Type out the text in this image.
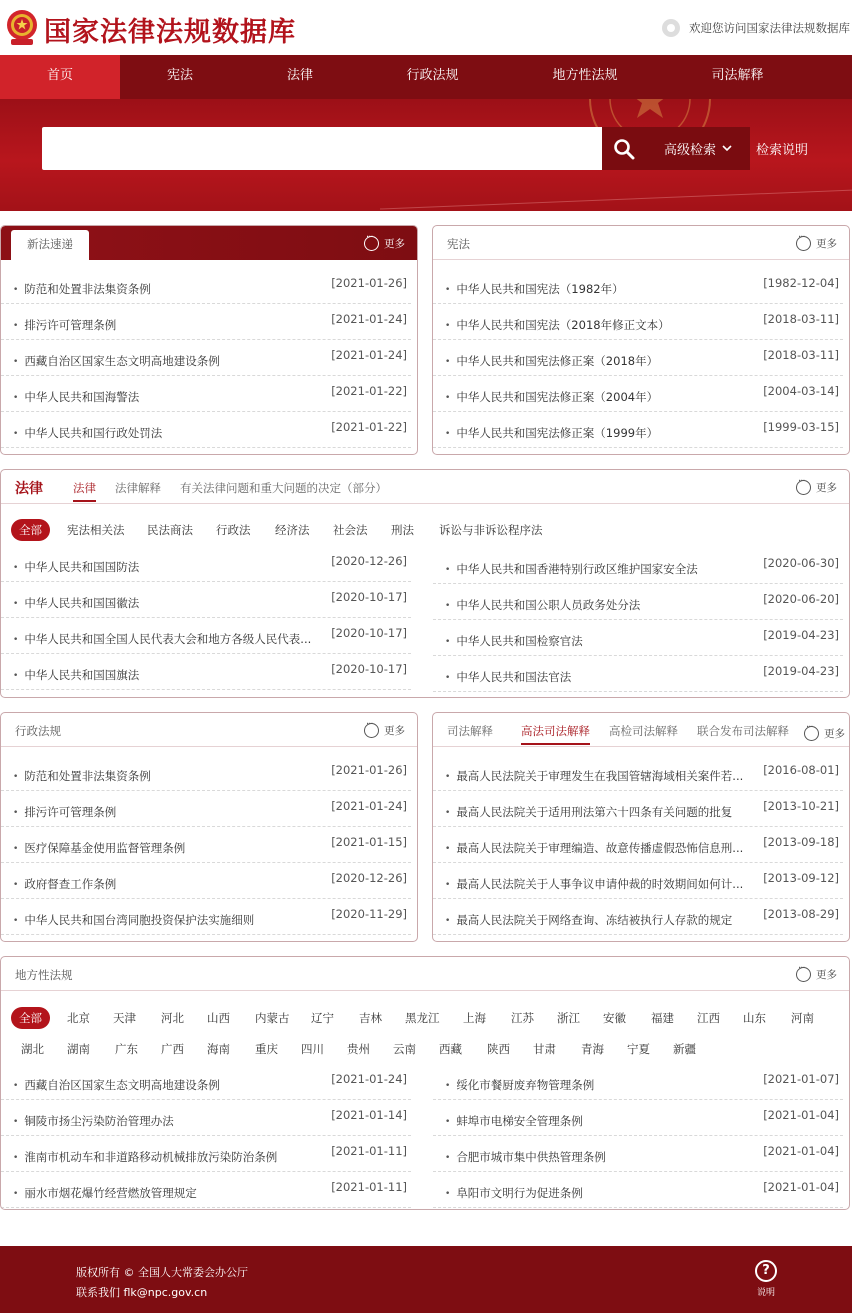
国家法律法规数据库	欢迎您访问国家法律法规数据库
首页	宪法	法律	行政法规	地方性法规	司法解释
高级检索	检索说明
新法速递 ···	更多
• 防范和处置非法集资条例	[2021-01-26]
• 排污许可管理条例	[2021-01-24]
• 西藏自治区国家生态文明高地建设条例	[2021-01-24]
• 中华人民共和国海警法	[2021-01-22]
• 中华人民共和国行政处罚法	[2021-01-22]
宪法 ···	更多
• 中华人民共和国宪法（1982年）	[1982-12-04]
• 中华人民共和国宪法（2018年修正文本）	[2018-03-11]
• 中华人民共和国宪法修正案（2018年）	[2018-03-11]
• 中华人民共和国宪法修正案（2004年）	[2004-03-14]
• 中华人民共和国宪法修正案（1999年）	[1999-03-15]
法律	法律 法律解释 有关法律问题和重大问题的决定（部分） ···	更多
全部	宪法相关法	民法商法	行政法	经济法	社会法	刑法	诉讼与非诉讼程序法
• 中华人民共和国国防法	[2020-12-26]
• 中华人民共和国国徽法	[2020-10-17]
• 中华人民共和国全国人民代表大会和地方各级人民代表... [2020-10-17]
• 中华人民共和国国旗法	[2020-10-17]
• 中华人民共和国香港特别行政区维护国家安全法	[2020-06-30]
• 中华人民共和国公职人员政务处分法	[2020-06-20]
• 中华人民共和国检察官法	[2019-04-23]
• 中华人民共和国法官法	[2019-04-23]
行政法规 ···	更多
• 防范和处置非法集资条例	[2021-01-26]
• 排污许可管理条例	[2021-01-24]
• 医疗保障基金使用监督管理条例	[2021-01-15]
• 政府督查工作条例	[2020-12-26]
• 中华人民共和国台湾同胞投资保护法实施细则	[2020-11-29]
司法解释 高法司法解释 高检司法解释 联合发布司法解释 ···	更多
• 最高人民法院关于审理发生在我国管辖海域相关案件若... [2016-08-01]
• 最高人民法院关于适用刑法第六十四条有关问题的批复	[2013-10-21]
• 最高人民法院关于审理编造、故意传播虚假恐怖信息刑... [2013-09-18]
• 最高人民法院关于人事争议申请仲裁的时效期间如何计... [2013-09-12]
• 最高人民法院关于网络查询、冻结被执行人存款的规定	[2013-08-29]
地方性法规 ···	更多
全部	北京	天津	河北	山西	内蒙古	辽宁	吉林	黑龙江	上海	江苏	浙江	安徽	福建	江西	山东	河南
湖北	湖南	广东	广西	海南	重庆	四川	贵州	云南	西藏	陕西	甘肃	青海	宁夏	新疆
• 西藏自治区国家生态文明高地建设条例	[2021-01-24]
• 铜陵市扬尘污染防治管理办法	[2021-01-14]
• 淮南市机动车和非道路移动机械排放污染防治条例	[2021-01-11]
• 丽水市烟花爆竹经营燃放管理规定	[2021-01-11]
• 绥化市餐厨废弃物管理条例	[2021-01-07]
• 蚌埠市电梯安全管理条例	[2021-01-04]
• 合肥市城市集中供热管理条例	[2021-01-04]
• 阜阳市文明行为促进条例	[2021-01-04]
版权所有 © 全国人大常委会办公厅
联系我们 flk@npc.gov.cn
?
说明
